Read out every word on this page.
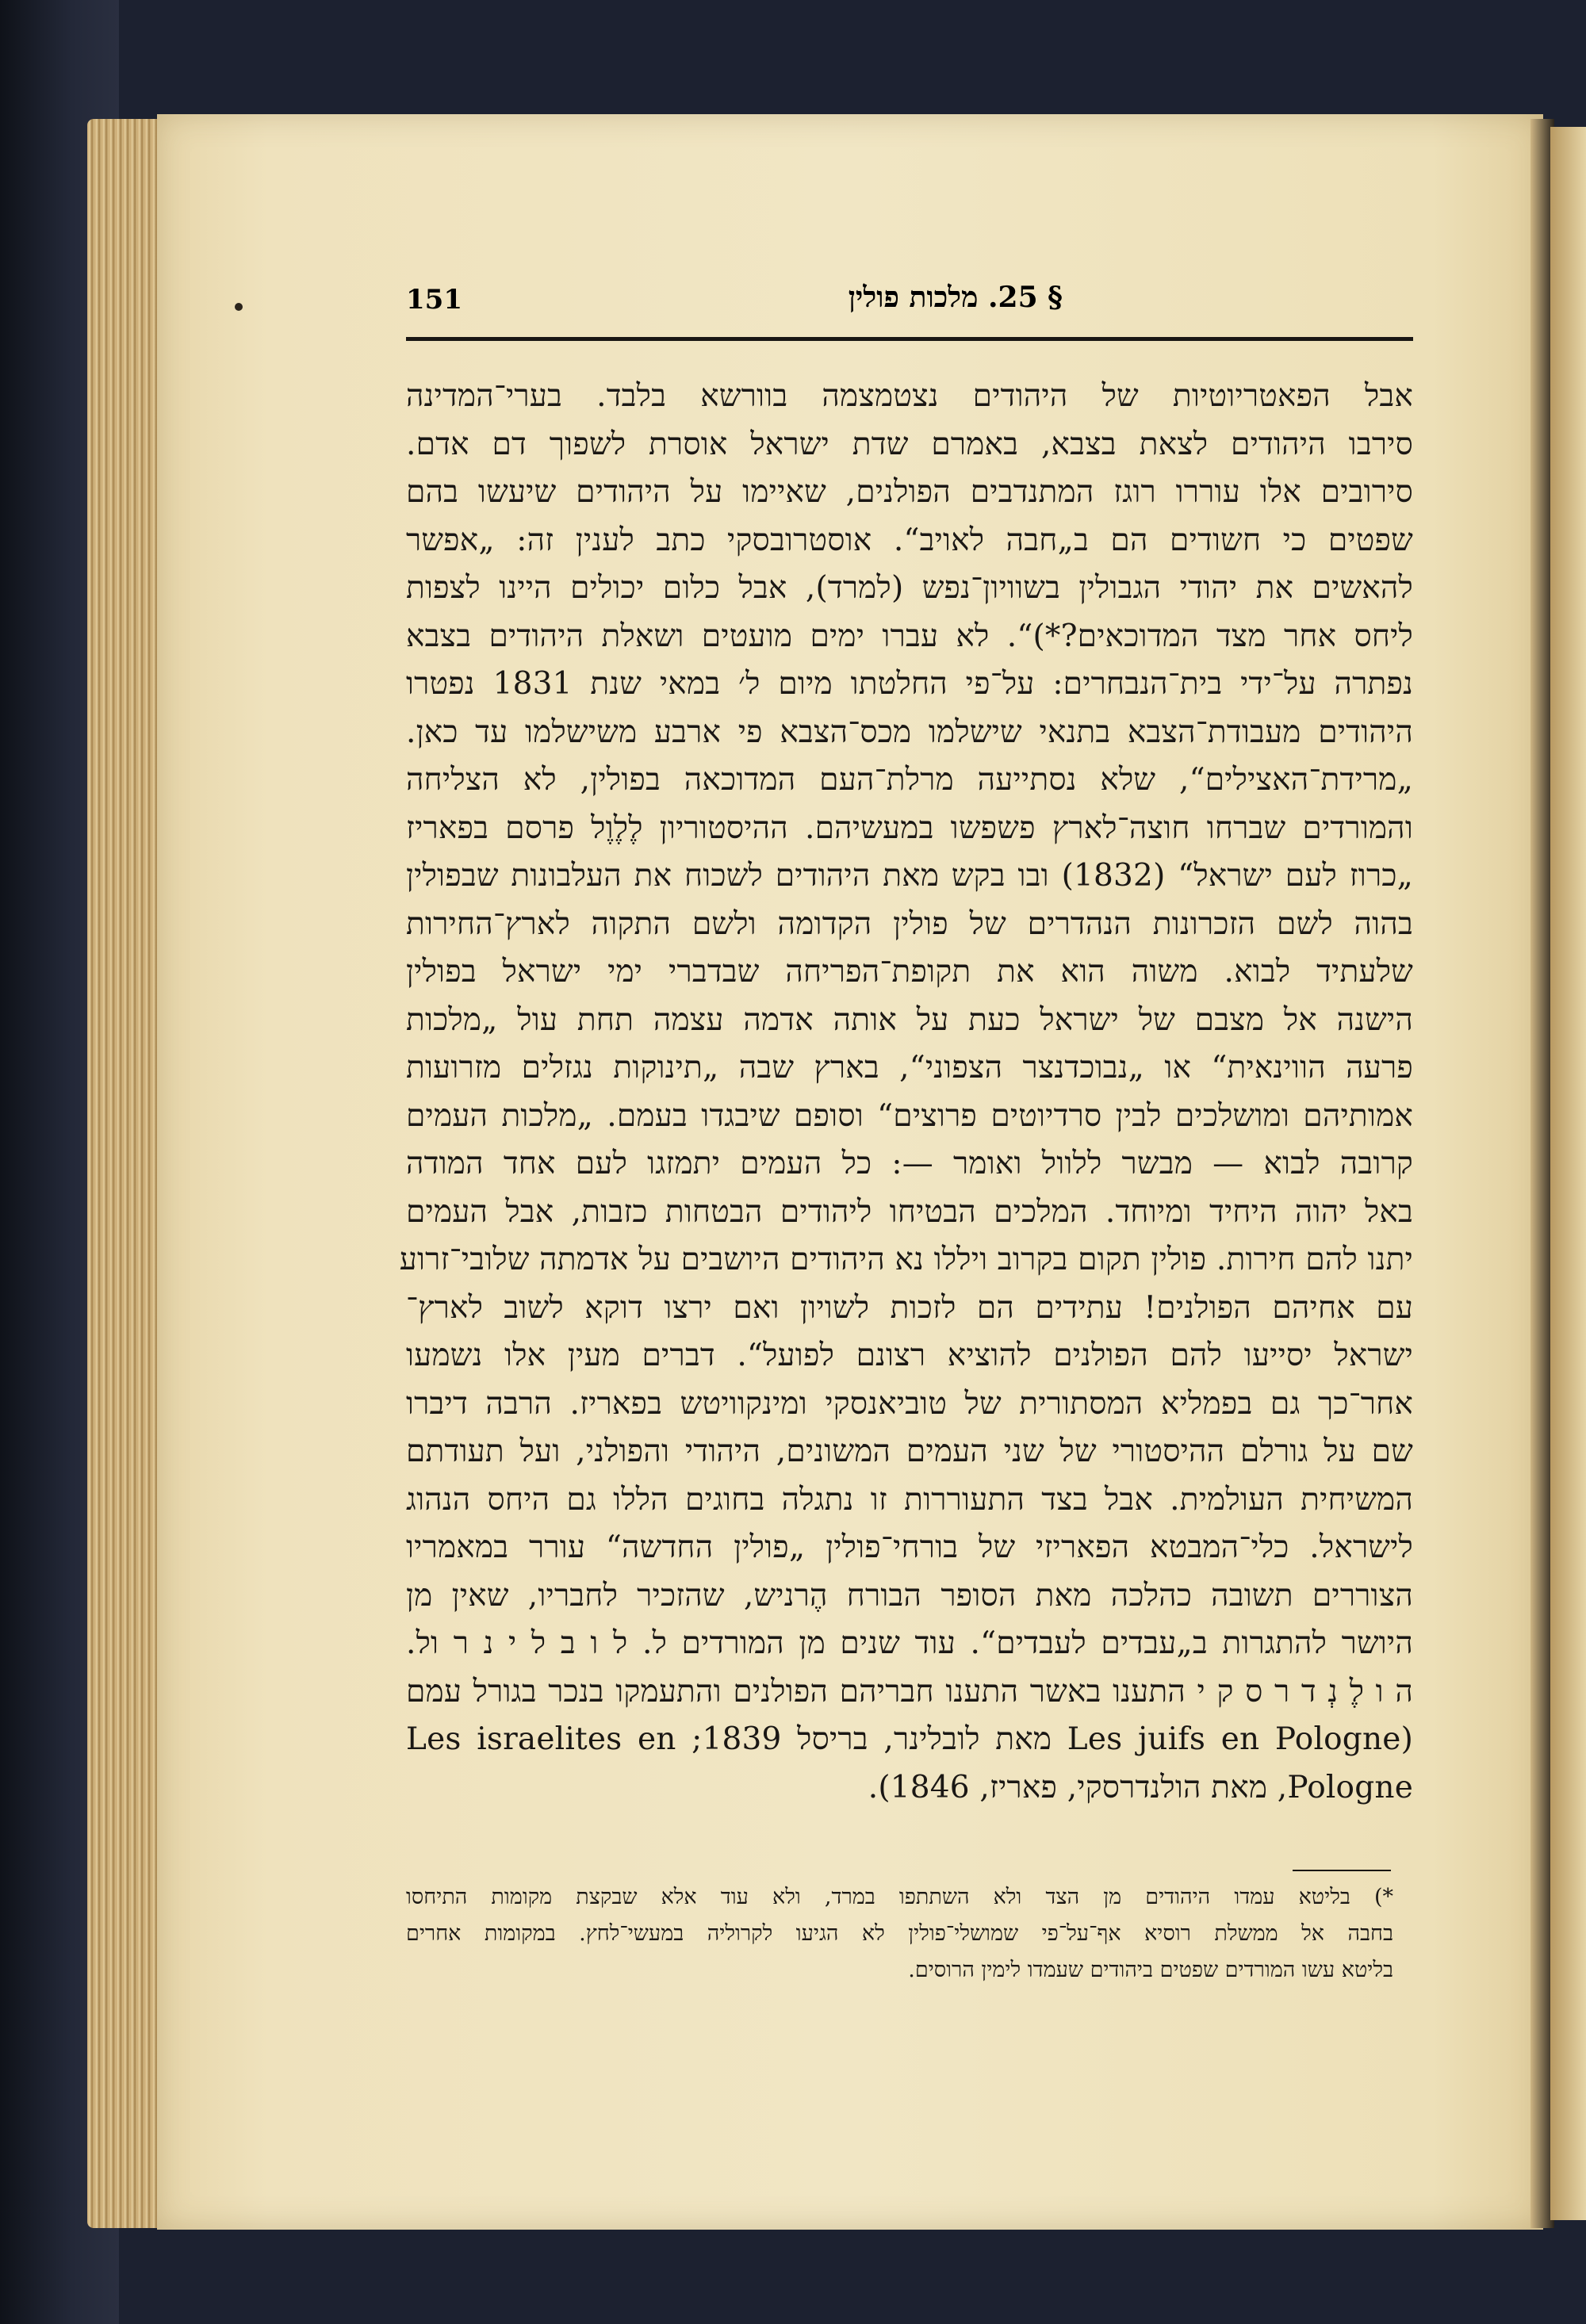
151	§ 25. מלכות פולין
אבל הפאטריוטיות של היהודים נצטמצמה בוורשא בלבד. בערי־המדינה
סירבו היהודים לצאת בצבא, באמרם שדת ישראל אוסרת לשפוך דם אדם.
סירובים אלו עוררו רוגז המתנדבים הפולנים, שאיימו על היהודים שיעשו בהם
שפטים כי חשודים הם ב„חבה לאויב“. אוסטרובסקי כתב לענין זה: „אפשר
להאשים את יהודי הגבולין בשוויון־נפש (למרד), אבל כלום יכולים היינו לצפות
ליחס אחר מצד המדוכאים?*)“. לא עברו ימים מועטים ושאלת היהודים בצבא
נפתרה על־ידי בית־הנבחרים: על־פי החלטתו מיום ל׳ במאי שנת 1831 נפטרו
היהודים מעבודת־הצבא בתנאי שישלמו מכס־הצבא פי ארבע משישלמו עד כאן.
„מרידת־האצילים“, שלא נסתייעה מרלת־העם המדוכאה בפולין, לא הצליחה
והמורדים שברחו חוצה־לארץ פשפשו במעשיהם. ההיסטוריון לֶלֶוֶל פרסם בפאריז
„כרוז לעם ישראל“ (1832) ובו בקש מאת היהודים לשכוח את העלבונות שבפולין
בהוה לשם הזכרונות הנהדרים של פולין הקדומה ולשם התקוה לארץ־החירות
שלעתיד לבוא. משוה הוא את תקופת־הפריחה שבדברי ימי ישראל בפולין
הישנה אל מצבם של ישראל כעת על אותה אדמה עצמה תחת עול „מלכות
פרעה הווינאית“ או „נבוכדנצר הצפוני“, בארץ שבה „תינוקות נגזלים מזרועות
אמותיהם ומושלכים לבין סרדיוטים פרוצים“ וסופם שיבגדו בעמם. „מלכות העמים
קרובה לבוא — מבשר ללוול ואומר —: כל העמים יתמזגו לעם אחד המודה
באל יהוה היחיד ומיוחד. המלכים הבטיחו ליהודים הבטחות כזבות, אבל העמים
יתנו להם חירות. פולין תקום בקרוב ויללו נא היהודים היושבים על אדמתה שלובי־זרוע
עם אחיהם הפולנים! עתידים הם לזכות לשויון ואם ירצו דוקא לשוב לארץ־
ישראל יסייעו להם הפולנים להוציא רצונם לפועל“. דברים מעין אלו נשמעו
אחר־כך גם בפמליא המסתורית של טוביאנסקי ומינקוויטש בפאריז. הרבה דיברו
שם על גורלם ההיסטורי של שני העמים המשונים, היהודי והפולני, ועל תעודתם
המשיחית העולמית. אבל בצד התעוררות זו נתגלה בחוגים הללו גם היחס הנהוג
לישראל. כלי־המבטא הפאריזי של בורחי־פולין „פולין החדשה“ עורר במאמריו
הצוררים תשובה כהלכה מאת הסופר הבורח הֶרניש, שהזכיר לחבריו, שאין מן
היושר להתגרות ב„עבדים לעבדים“. עוד שנים מן המורדים ל. ל ו ב ל י נ ר ול.
ה ו לֶ נְ ד ר ס ק י התענו באשר התענו חבריהם הפולנים והתעמקו בנכר בגורל עמם
‏(Les juifs en Pologne מאת לובלינר, בריסל 1839; Les israelites en
Pologne, מאת הולנדרסקי, פאריז, 1846).
*) בליטא עמדו היהודים מן הצד ולא השתתפו במרד, ולא עוד אלא שבקצת מקומות התיחסו
בחבה אל ממשלת רוסיא אף־על־פי שמושלי־פולין לא הגיעו לקרוליה במעשי־לחץ. במקומות אחרים
בליטא עשו המורדים שפטים ביהודים שעמדו לימין הרוסים.
